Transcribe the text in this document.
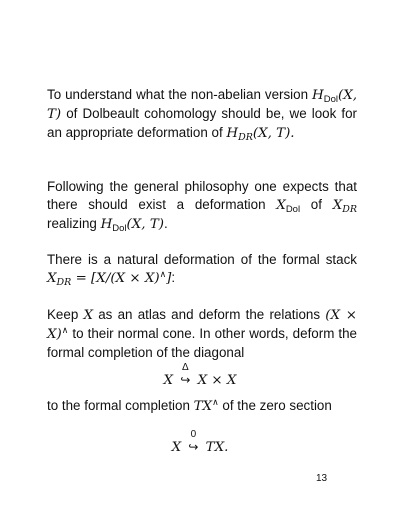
To understand what the non-abelian version $H_{Dol}(X$, T) of Dolbeault cohomology should be, we look for an appropriate deformation of $H_{DR}(X$, T).
Following the general philosophy one expects that there should exist a deformation $X_{Dol}$ of $X_{DR}$ realizing $H_{Dol}(X$, T).
There is a natural deformation of the formal stack $X_{DR} = [X/(X \times X)^\wedge]$:
Keep X as an atlas and deform the relations (X × X)∧ to their normal cone. In other words, deform the formal completion of the diagonal
X
Δ
↪ X × X
to the formal completion TX∧ of the zero section
X
0
↪ TX.
13
